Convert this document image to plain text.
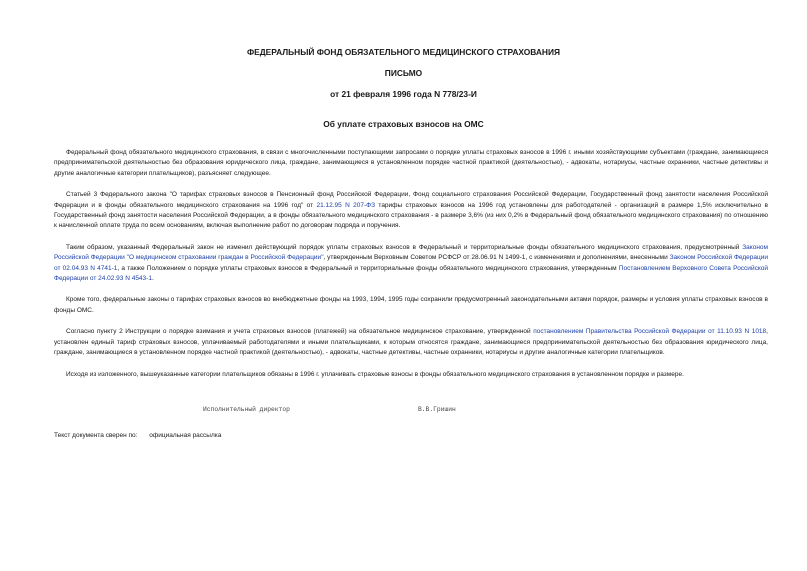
ФЕДЕРАЛЬНЫЙ ФОНД ОБЯЗАТЕЛЬНОГО МЕДИЦИНСКОГО СТРАХОВАНИЯ
ПИСЬМО
от 21 февраля 1996 года N 778/23-И
Об уплате страховых взносов на ОМС

Федеральный фонд обязательного медицинского страхования, в связи с многочисленными поступающими запросами о порядке уплаты страховых взносов в 1996 г. иными хозяйствующими субъектами (граждане, занимающиеся предпринимательской деятельностью без образования юридического лица, граждане, занимающиеся в установленном порядке частной практикой (деятельностью), - адвокаты, нотариусы, частные охранники, частные детективы и другие аналогичные категории плательщиков), разъясняет следующее.

Статьей 3 Федерального закона "О тарифах страховых взносов в Пенсионный фонд Российской Федерации, Фонд социального страхования Российской Федерации, Государственный фонд занятости населения Российской Федерации и в фонды обязательного медицинского страхования на 1996 год" от 21.12.95 N 207-ФЗ тарифы страховых взносов на 1996 год установлены для работодателей - организаций в размере 1,5% исключительно в Государственный фонд занятости населения Российской Федерации, а в фонды обязательного медицинского страхования - в размере 3,6% (из них 0,2% в Федеральный фонд обязательного медицинского страхования) по отношению к начисленной оплате труда по всем основаниям, включая выполнение работ по договорам подряда и поручения.

Таким образом, указанный Федеральный закон не изменил действующий порядок уплаты страховых взносов в Федеральный и территориальные фонды обязательного медицинского страхования, предусмотренный Законом Российской Федерации "О медицинском страховании граждан в Российской Федерации", утвержденным Верховным Советом РСФСР от 28.06.91 N 1499-1, с изменениями и дополнениями, внесенными Законом Российской Федерации от 02.04.93 N 4741-1, а также Положением о порядке уплаты страховых взносов в Федеральный и территориальные фонды обязательного медицинского страхования, утвержденным Постановлением Верховного Совета Российской Федерации от 24.02.93 N 4543-1.

Кроме того, федеральные законы о тарифах страховых взносов во внебюджетные фонды на 1993, 1994, 1995 годы сохранили предусмотренный законодательными актами порядок, размеры и условия уплаты страховых взносов в фонды ОМС.

Согласно пункту 2 Инструкции о порядке взимания и учета страховых взносов (платежей) на обязательное медицинское страхование, утвержденной постановлением Правительства Российской Федерации от 11.10.93 N 1018, установлен единый тариф страховых взносов, уплачиваемый работодателями и иными плательщиками, к которым относятся граждане, занимающиеся предпринимательской деятельностью без образования юридического лица, граждане, занимающиеся в установленном порядке частной практикой (деятельностью), - адвокаты, частные детективы, частные охранники, нотариусы и другие аналогичные категории плательщиков.

Исходя из изложенного, вышеуказанные категории плательщиков обязаны в 1996 г. уплачивать страховые взносы в фонды обязательного медицинского страхования в установленном порядке и размере.

Исполнительный директор	В.В.Гришин
Текст документа сверен по: официальная рассылка
